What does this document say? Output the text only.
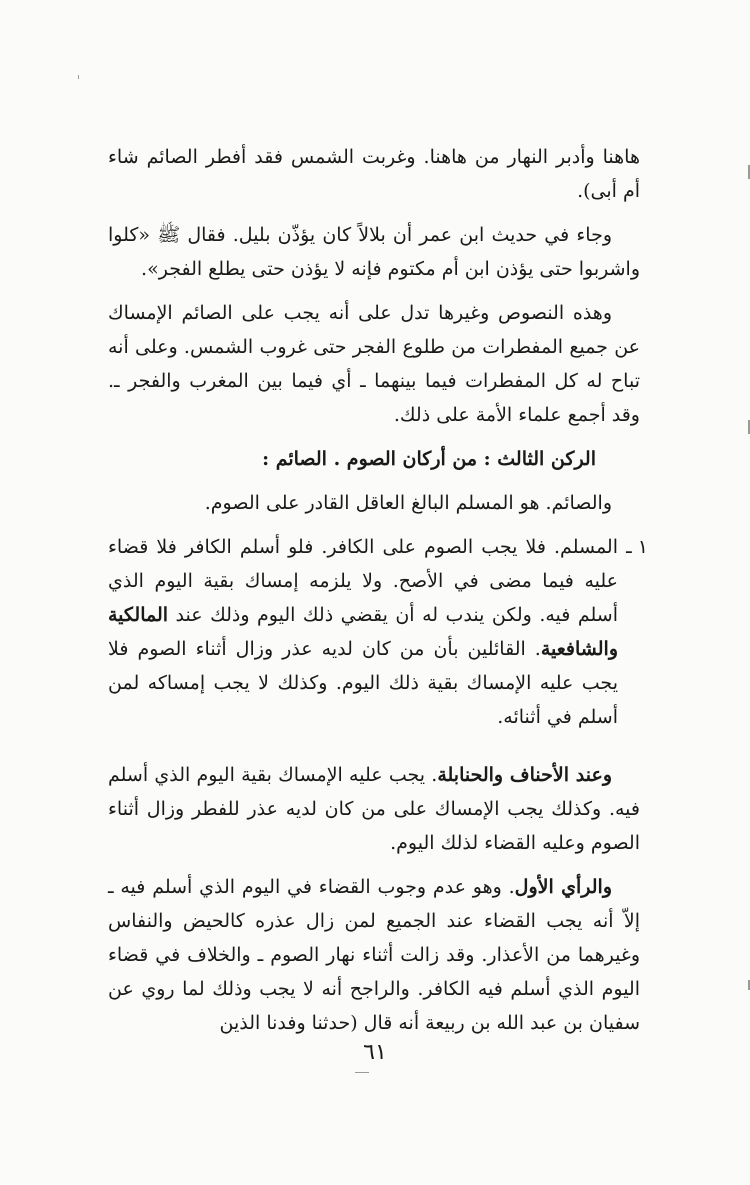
هاهنا وأدبر النهار من هاهنا. وغربت الشمس فقد أفطر الصائم شاء أم أبى).

وجاء في حديث ابن عمر أن بلالاً كان يؤذّن بليل. فقال ﷺ «كلوا واشربوا حتى يؤذن ابن أم مكتوم فإنه لا يؤذن حتى يطلع الفجر».

وهذه النصوص وغيرها تدل على أنه يجب على الصائم الإمساك عن جميع المفطرات من طلوع الفجر حتى غروب الشمس. وعلى أنه تباح له كل المفطرات فيما بينهما ـ أي فيما بين المغرب والفجر ـ. وقد أجمع علماء الأمة على ذلك.

الركن الثالث : من أركان الصوم . الصائم :

والصائم. هو المسلم البالغ العاقل القادر على الصوم.

١ ـ
المسلم. فلا يجب الصوم على الكافر. فلو أسلم الكافر فلا قضاء عليه فيما مضى في الأصح. ولا يلزمه إمساك بقية اليوم الذي أسلم فيه. ولكن يندب له أن يقضي ذلك اليوم وذلك عند المالكية والشافعية. القائلين بأن من كان لديه عذر وزال أثناء الصوم فلا يجب عليه الإمساك بقية ذلك اليوم. وكذلك لا يجب إمساكه لمن أسلم في أثنائه.

وعند الأحناف والحنابلة. يجب عليه الإمساك بقية اليوم الذي أسلم فيه. وكذلك يجب الإمساك على من كان لديه عذر للفطر وزال أثناء الصوم وعليه القضاء لذلك اليوم.

والرأي الأول. وهو عدم وجوب القضاء في اليوم الذي أسلم فيه ـ إلاّ أنه يجب القضاء عند الجميع لمن زال عذره كالحيض والنفاس وغيرهما من الأعذار. وقد زالت أثناء نهار الصوم ـ والخلاف في قضاء اليوم الذي أسلم فيه الكافر. والراجح أنه لا يجب وذلك لما روي عن سفيان بن عبد الله بن ربيعة أنه قال (حدثنا وفدنا الذين

٦١
